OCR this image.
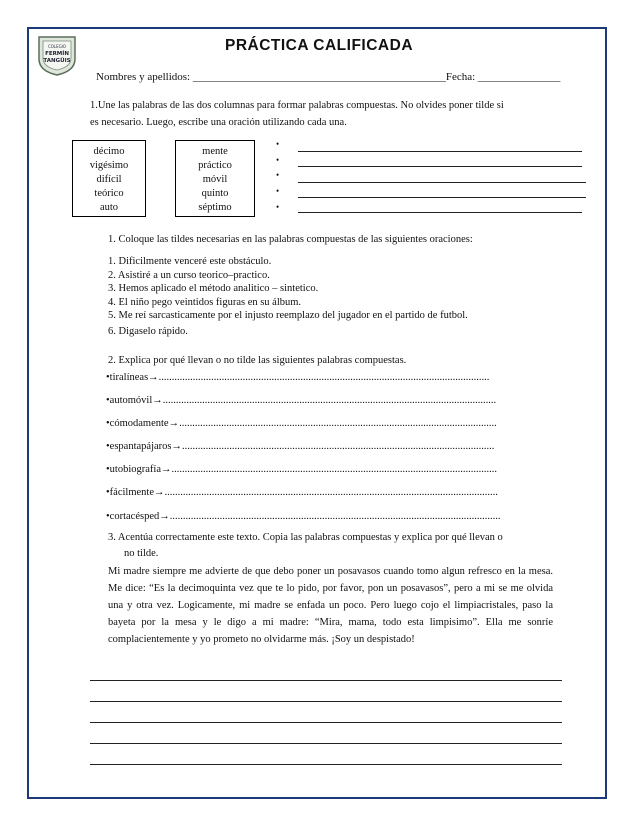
COLEGIO
FERMÍN
TANGÜIS
PRÁCTICA CALIFICADA
Nombres y apellidos: ______________________________________________Fecha: _______________
1.Une las palabras de las dos columnas para formar palabras compuestas. No olvides poner tilde si
es necesario. Luego, escribe una oración utilizando cada una.
décimo
vigésimo
difícil
teórico
auto
mente
práctico
móvil
quinto
séptimo
•
•
•
•
•
1. Coloque las tildes necesarias en las palabras compuestas de las siguientes oraciones:
1. Dificilmente venceré este obstáculo.
2. Asistiré a un curso teorico–practico.
3. Hemos aplicado el método analitico – sintetico.
4. El niño pego veintidos figuras en su álbum.
5. Me reí sarcasticamente por el injusto reemplazo del jugador en el partido de futbol.
6. Digaselo rápido.
2. Explica por qué llevan o no tilde las siguientes palabras compuestas.
•tiralíneas→..............................................................................................................................
•automóvil→...............................................................................................................................
•cómodamente→.........................................................................................................................
•espantapájaros→.......................................................................................................................
•utobiografía→............................................................................................................................
•fácilmente→...............................................................................................................................
•cortacésped→..............................................................................................................................
3. Acentúa correctamente este texto. Copia las palabras compuestas y explica por qué llevan o
no tilde.
Mi madre siempre me advierte de que debo poner un posavasos cuando tomo algun refresco en la mesa. Me dice: “Es la decimoquinta vez que te lo pido, por favor, pon un posavasos”, pero a mi se me olvida una y otra vez. Logicamente, mi madre se enfada un poco. Pero luego cojo el limpiacristales, paso la bayeta por la mesa y le digo a mi madre: “Mira, mama, todo esta limpisimo”. Ella me sonríe complacientemente y yo prometo no olvidarme más. ¡Soy un despistado!
